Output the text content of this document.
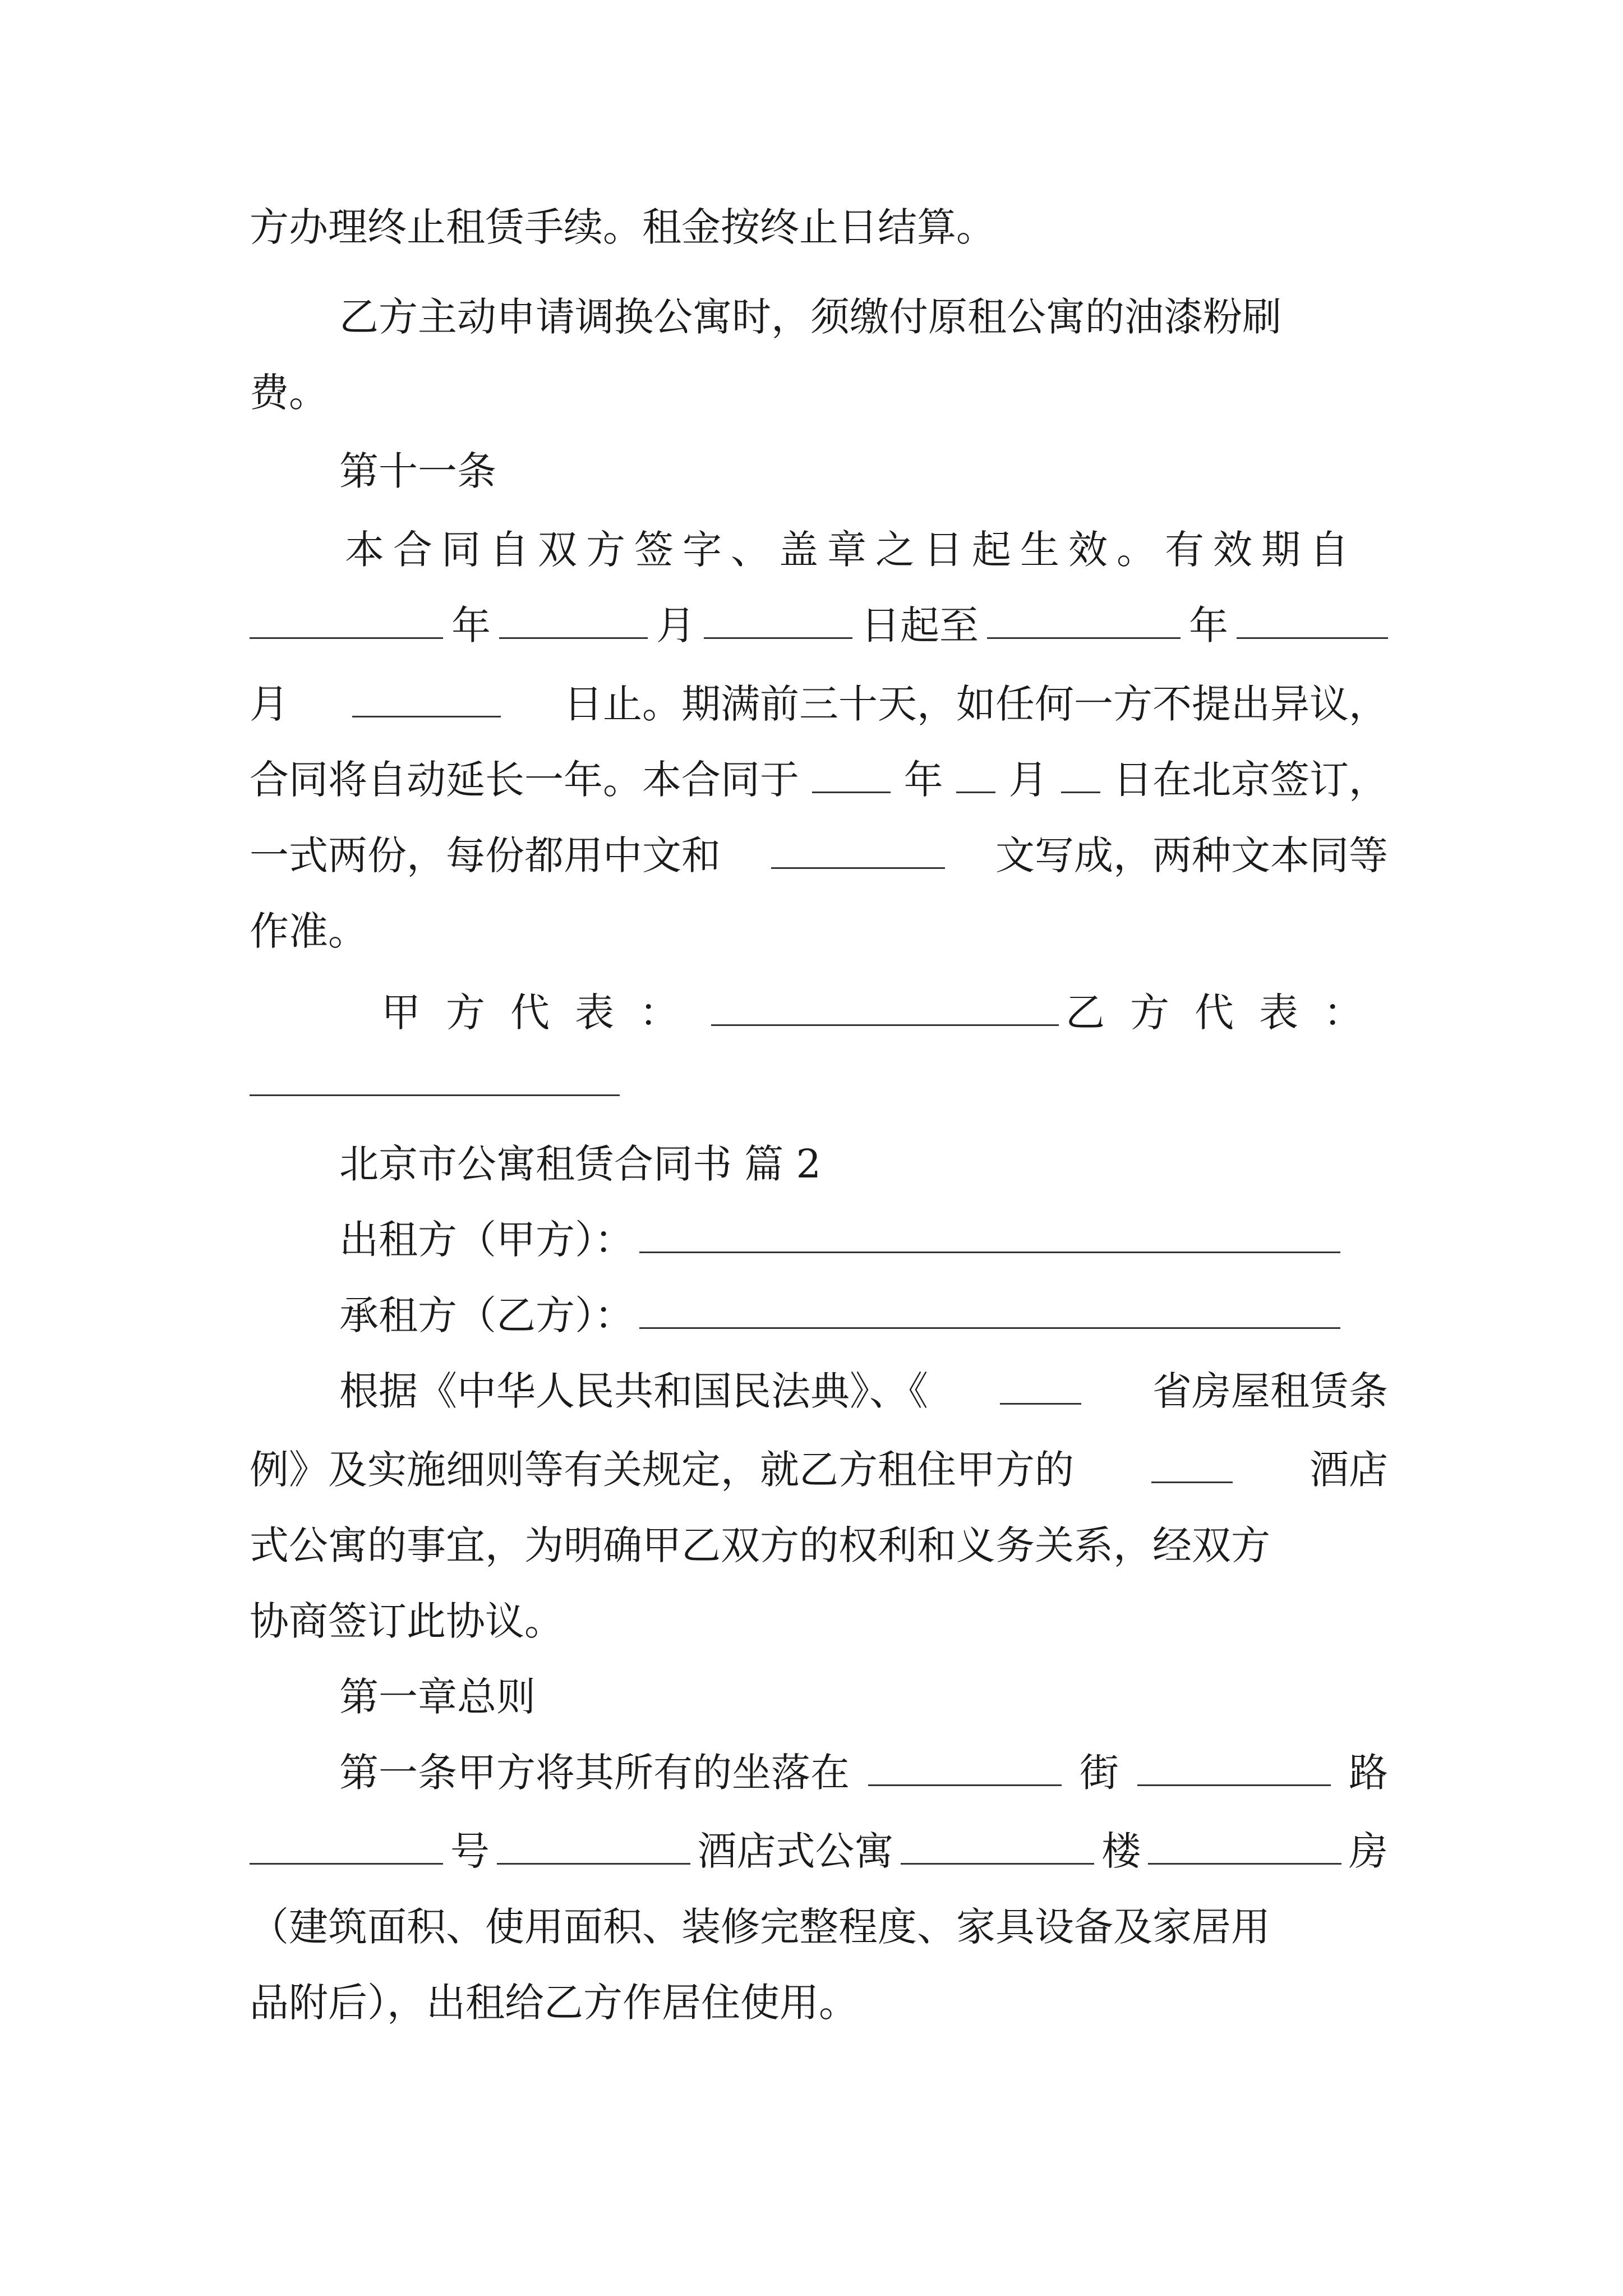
方办理终止租赁手续。租金按终止日结算。
乙方主动申请调换公寓时，须缴付原租公寓的油漆粉刷
费。
第十一条
本合同自双方签字、盖章之日起生效。有效期自
年	月	日起至	年
月	日止。期满前三十天，如任何一方不提出异议，
合同将自动延长一年。本合同于	年 月 日在北京签订，
一式两份，每份都用中文和	文写成，两种文本同等
作准。
甲方代表：	乙方代表：
北京市公寓租赁合同书 篇 2
出租方（甲方）：
承租方（乙方）：
根据《中华人民共和国民法典》、《	省房屋租赁条
例》及实施细则等有关规定，就乙方租住甲方的	酒店
式公寓的事宜，为明确甲乙双方的权利和义务关系，经双方
协商签订此协议。
第一章总则
第一条甲方将其所有的坐落在	街	路
号	酒店式公寓	楼	房
（建筑面积、使用面积、装修完整程度、家具设备及家居用
品附后），出租给乙方作居住使用。
